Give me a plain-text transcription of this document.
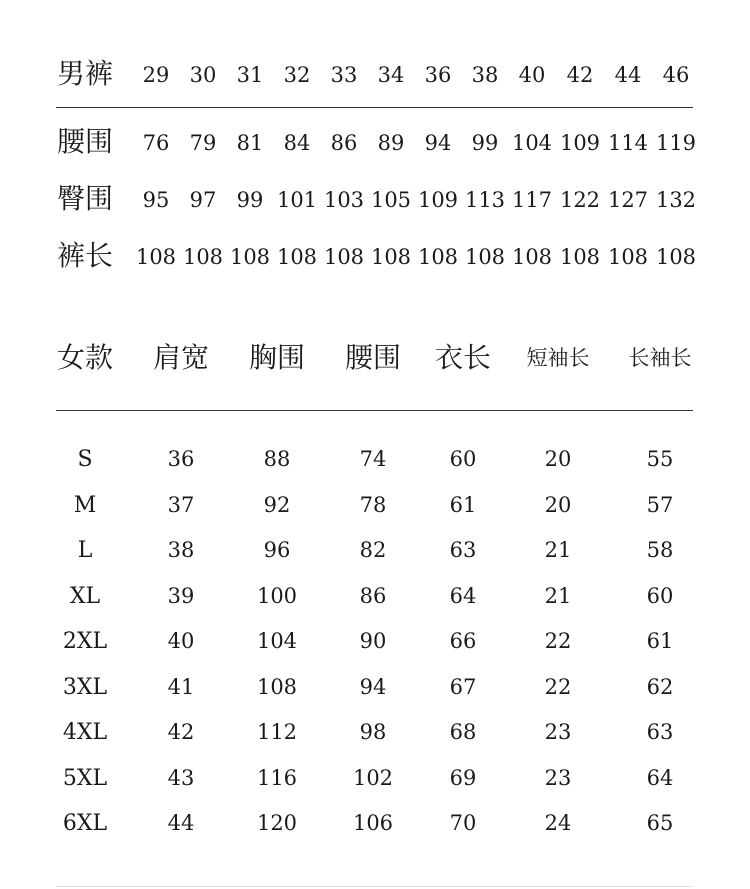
男裤 29 30 31 32 33 34 36 38 40 42 44 46
腰围 76 79 81 84 86 89 94 99 104 109 114 119
臀围 95 97 99 101 103 105 109 113 117 122 127 132
裤长 108 108 108 108 108 108 108 108 108 108 108 108
女款 肩宽 胸围 腰围 衣长 短袖长 长袖长
S	36	88	74	60	20	55
M	37	92	78	61	20	57
L	38	96	82	63	21	58
XL	39	100	86	64	21	60
2XL	40	104	90	66	22	61
3XL	41	108	94	67	22	62
4XL	42	112	98	68	23	63
5XL	43	116	102	69	23	64
6XL	44	120	106	70	24	65
